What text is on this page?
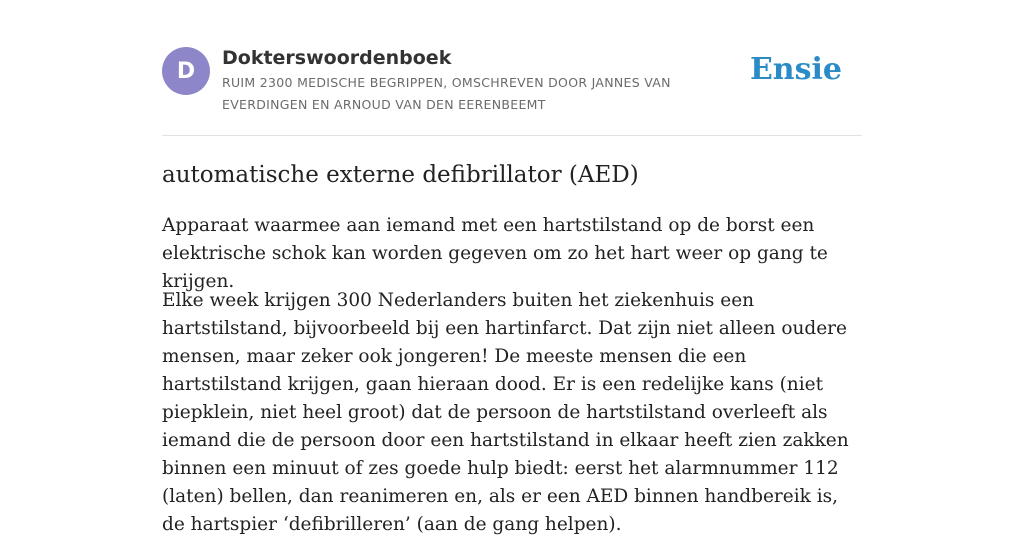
D
Dokterswoordenboek

RUIM 2300 MEDISCHE BEGRIPPEN, OMSCHREVEN DOOR JANNES VAN EVERDINGEN EN ARNOUD VAN DEN EERENBEEMT

Ensie
automatische externe defibrillator (AED)

Apparaat waarmee aan iemand met een hartstilstand op de borst een elektrische schok kan worden gegeven om zo het hart weer op gang te krijgen.

Elke week krijgen 300 Nederlanders buiten het ziekenhuis een hartstilstand, bijvoorbeeld bij een hartinfarct. Dat zijn niet alleen oudere mensen, maar zeker ook jongeren! De meeste mensen die een hartstilstand krijgen, gaan hieraan dood. Er is een redelijke kans (niet piepklein, niet heel groot) dat de persoon de hartstilstand overleeft als iemand die de persoon door een hartstilstand in elkaar heeft zien zakken binnen een minuut of zes goede hulp biedt: eerst het alarmnummer 112 (laten) bellen, dan reanimeren en, als er een AED binnen handbereik is, de hartspier ‘defibrilleren’ (aan de gang helpen).
